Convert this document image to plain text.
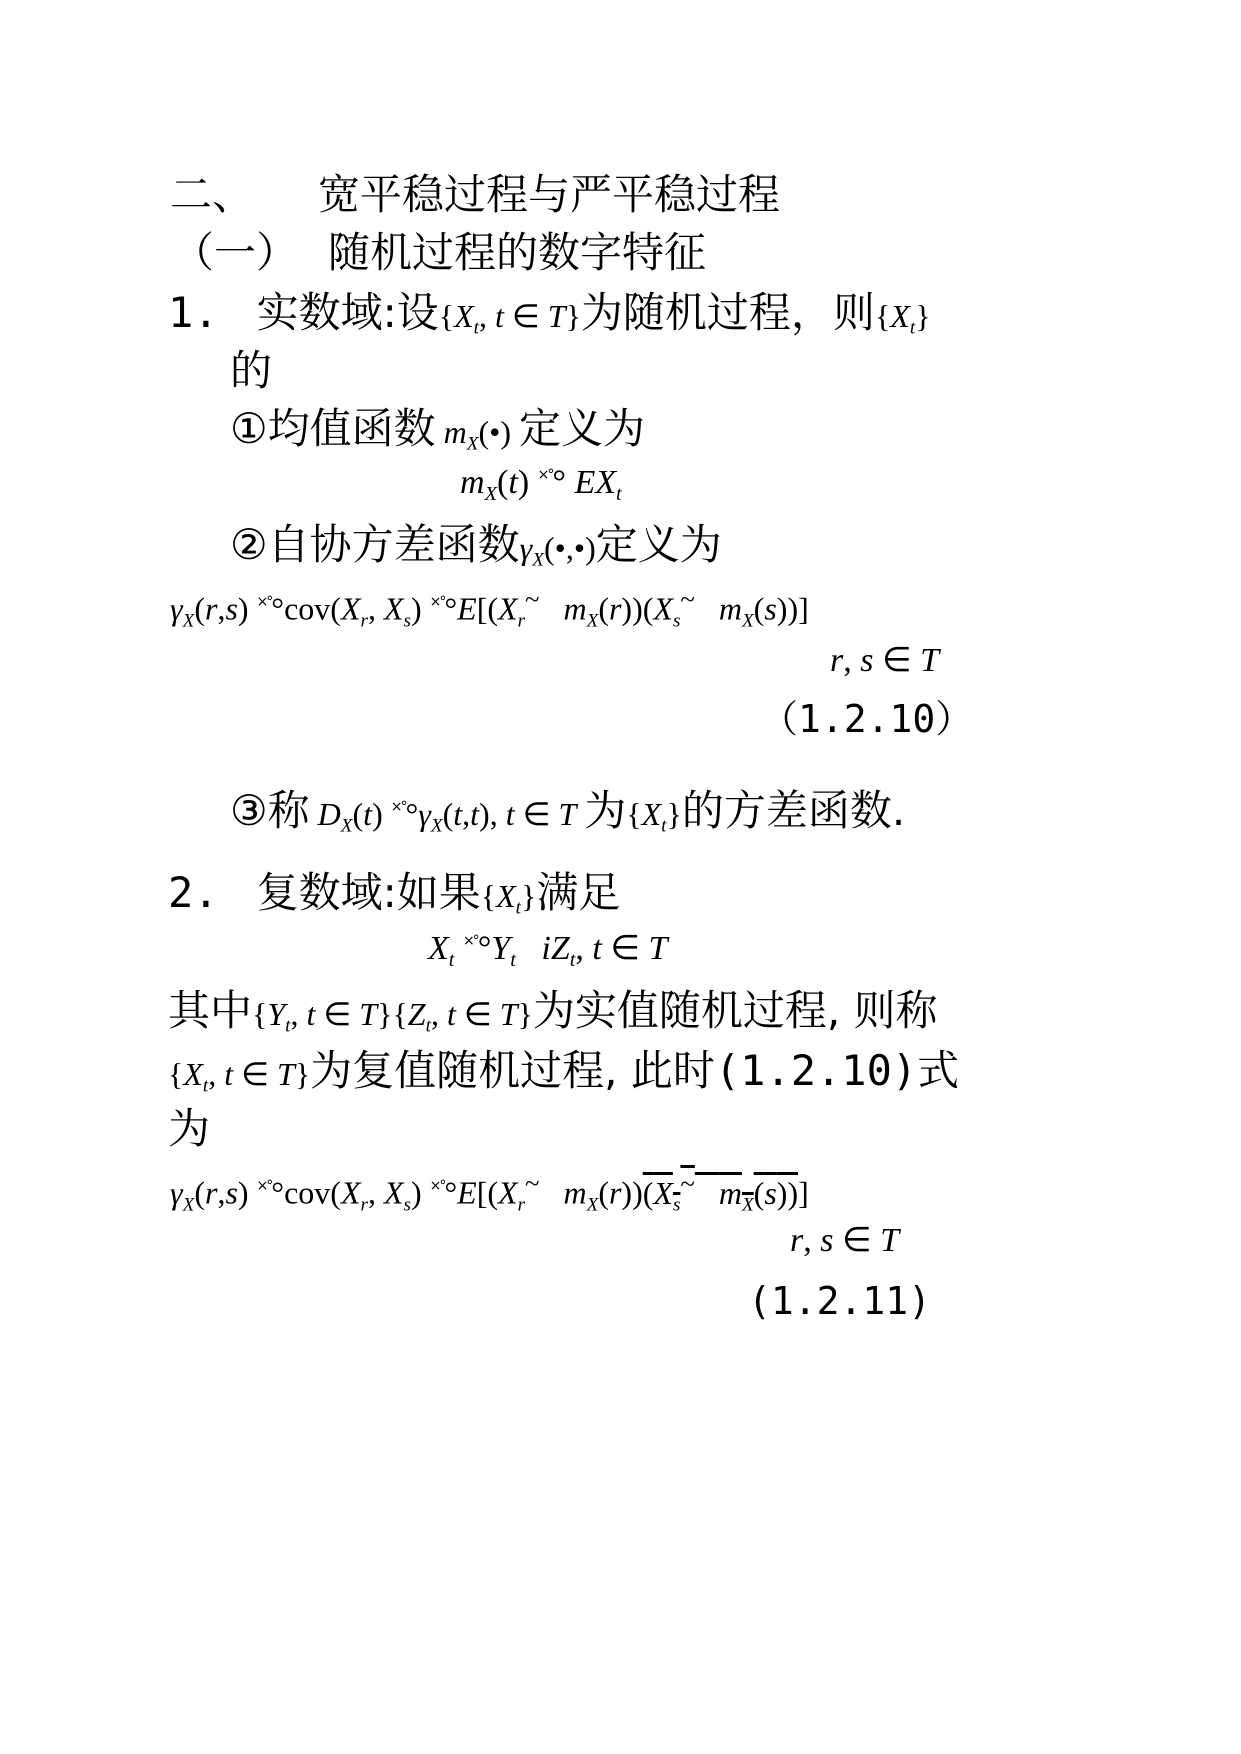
二、 宽平稳过程与严平稳过程
（一） 随机过程的数字特征
1. 实数域:设{$X_t$, t ∈ T}为随机过程，则$\{X_t\}$
的
①均值函数 $m_X(•)$ 定义为
$m_X(t)$ ×°° $EX_t$
②自协方差函数$\gamma_X(•,•)$定义为
$\gamma_X(r,s)$ $^{\times^\circ}^\circ cov(X_r$, $X_s$) $^{\times^\circ}^\circ E[(X_r^\sim$ $m_X(r))(X_s^\sim$ $m_X(s)$)]
r, s ∈ T
（1.2.10）
③称 $D_X(t)$ $^{\times^\circ}^\circ\gamma_X(t,t)$, t ∈ T 为$\{X_t\}$的方差函数.
2. 复数域:如果$\{X_t\}$满足
$X_t$ $^{\times^\circ}^\circ Y_t$ $iZ_t$, t ∈ T
其中{$Y_t$, t ∈ $T\}\{Z_t$, t ∈ T}为实值随机过程, 则称
{$X_t$, t ∈ T}为复值随机过程, 此时(1.2.10)式
为
$\gamma_X(r,s)$ $^{\times^\circ}^\circ cov(X_r$, $X_s$) $^{\times^\circ}^\circ E[(X_r^\sim$ $m_X(r))(X_s^\sim$ $m_X(s)$)]
r, s ∈ T
(1.2.11)
